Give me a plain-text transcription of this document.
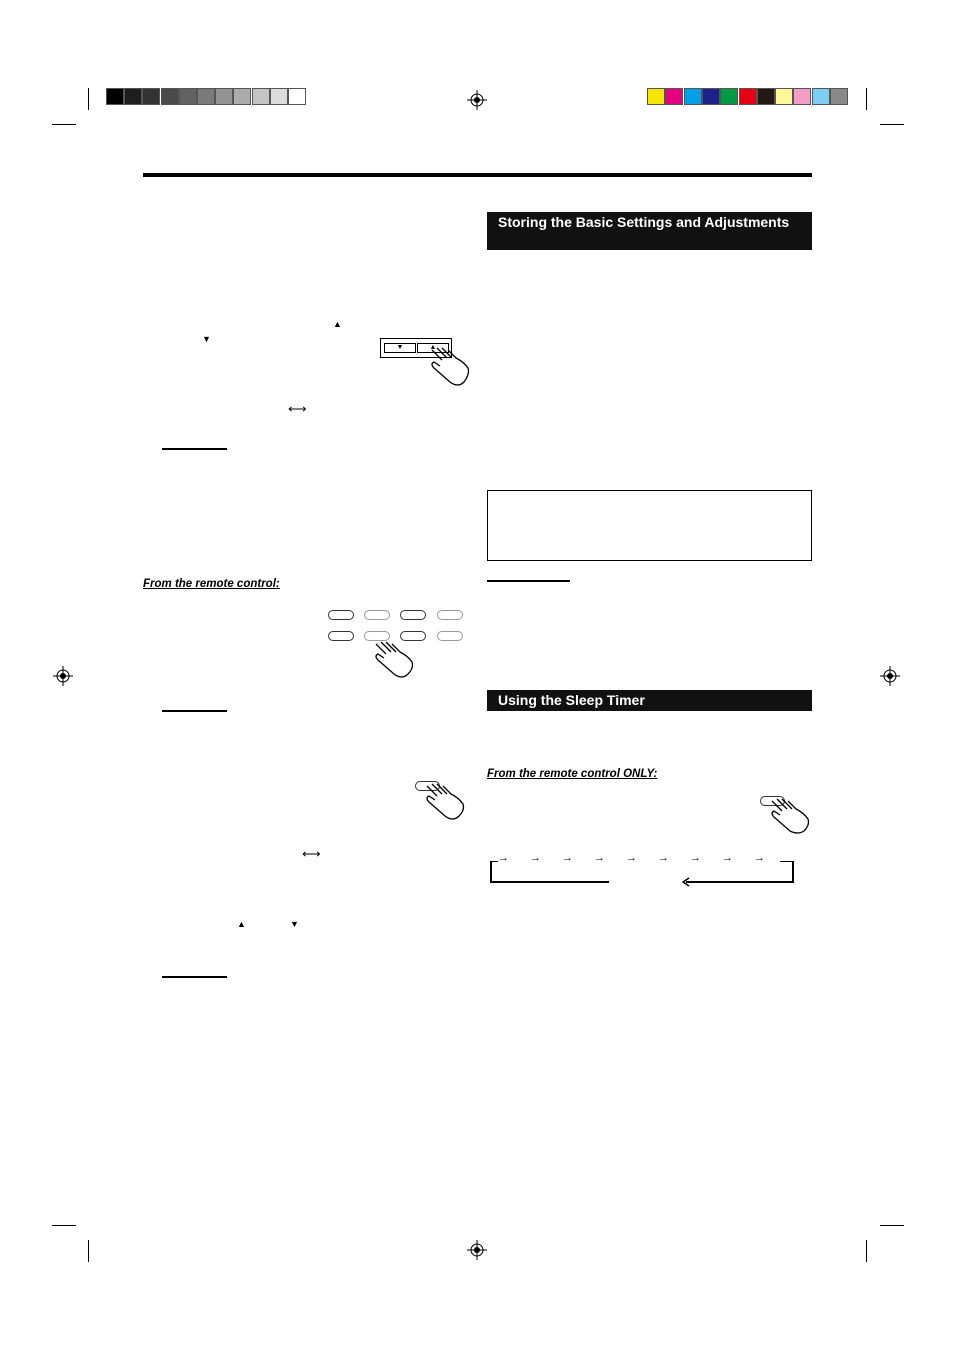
Storing the Basic Settings and Adjustments
Using the Sleep Timer
From the remote control ONLY:
→ → → → → → → → →
▲
▼
▼	▲
⟷
From the remote control:
⟷
▲	▼
